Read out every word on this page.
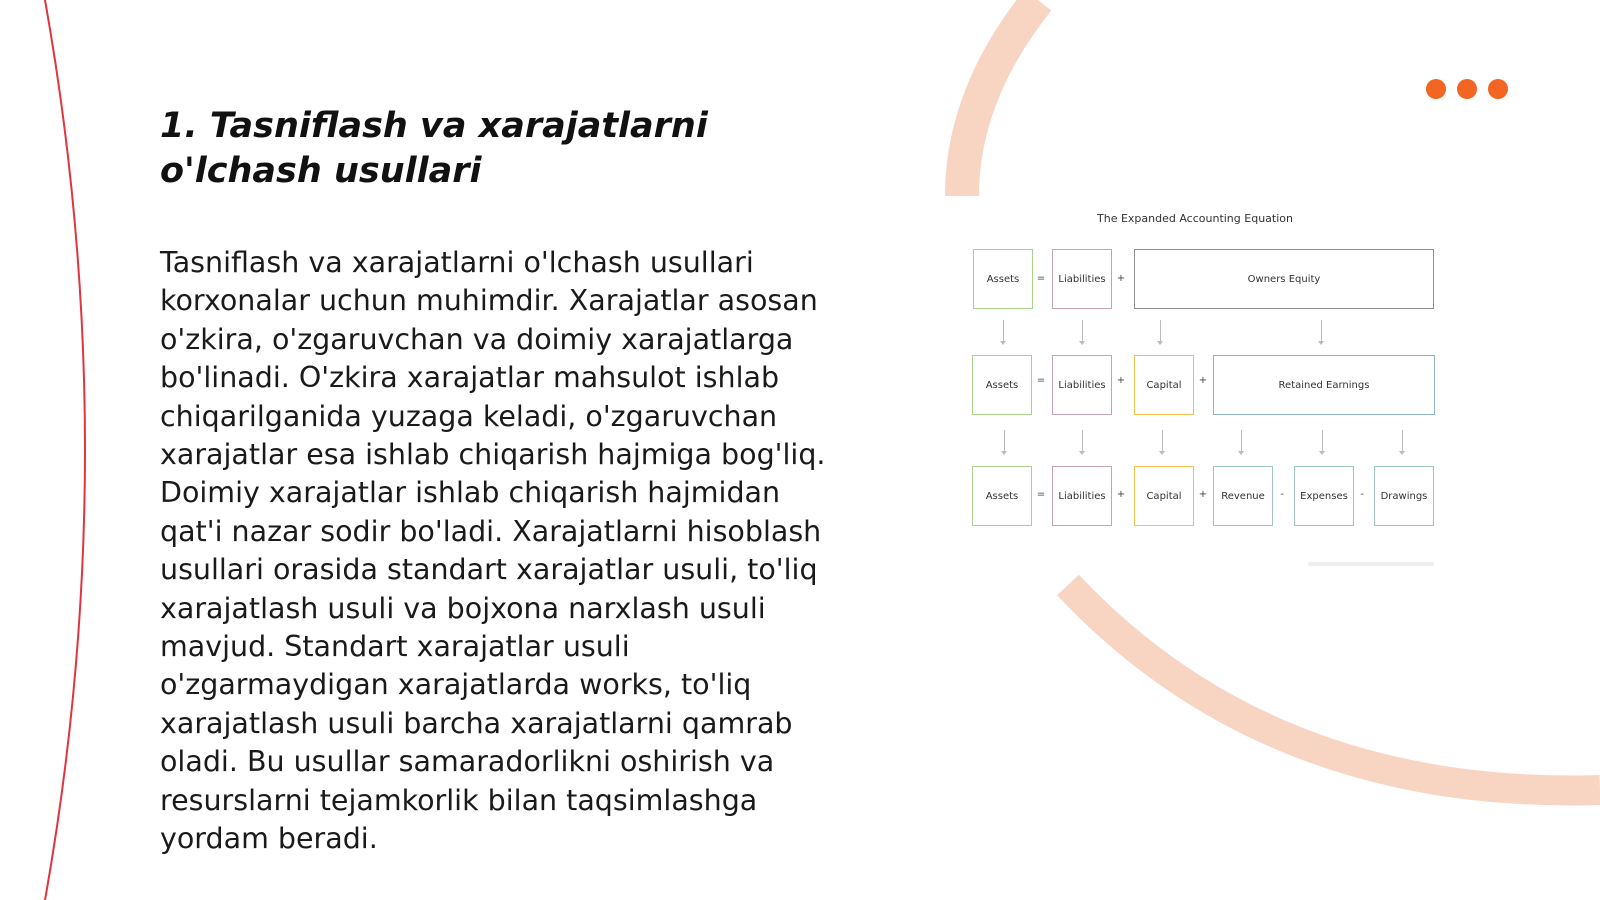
1. Tasniflash va xarajatlarni o'lchash usullari

Tasniflash va xarajatlarni o'lchash usullari korxonalar uchun muhimdir. Xarajatlar asosan o'zkira, o'zgaruvchan va doimiy xarajatlarga bo'linadi. O'zkira xarajatlar mahsulot ishlab chiqarilganida yuzaga keladi, o'zgaruvchan xarajatlar esa ishlab chiqarish hajmiga bog'liq. Doimiy xarajatlar ishlab chiqarish hajmidan qat'i nazar sodir bo'ladi. Xarajatlarni hisoblash usullari orasida standart xarajatlar usuli, to'liq xarajatlash usuli va bojxona narxlash usuli mavjud. Standart xarajatlar usuli o'zgarmaydigan xarajatlarda works, to'liq xarajatlash usuli barcha xarajatlarni qamrab oladi. Bu usullar samaradorlikni oshirish va resurslarni tejamkorlik bilan taqsimlashga yordam beradi.

The Expanded Accounting Equation
Assets	=	Liabilities	+	Owners Equity
Assets	=	Liabilities	+	Capital	+	Retained Earnings
Assets	=	Liabilities	+	Capital	+	Revenue	-	Expenses	-	Drawings
